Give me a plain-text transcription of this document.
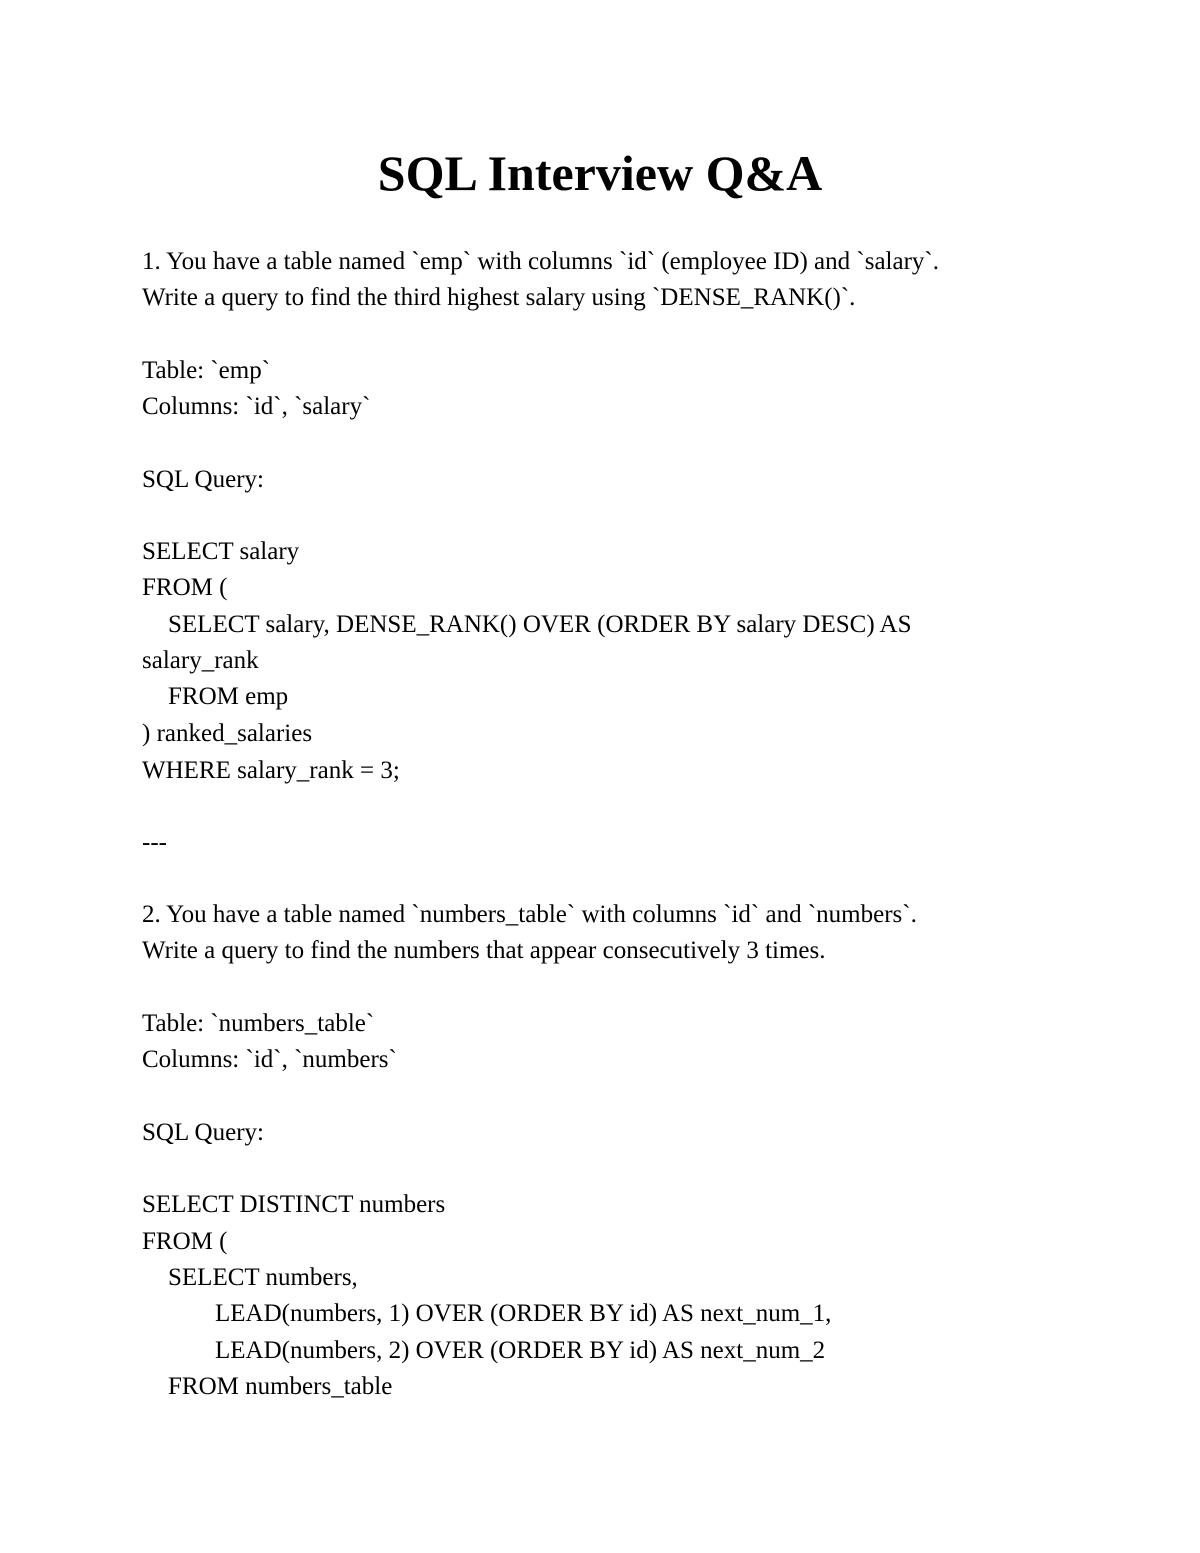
SQL Interview Q&A
1. You have a table named `emp` with columns `id` (employee ID) and `salary`.
Write a query to find the third highest salary using `DENSE_RANK()`.
Table: `emp`
Columns: `id`, `salary`
SQL Query:
SELECT salary
FROM (
SELECT salary, DENSE_RANK() OVER (ORDER BY salary DESC) AS
salary_rank
FROM emp
) ranked_salaries
WHERE salary_rank = 3;
---
2. You have a table named `numbers_table` with columns `id` and `numbers`.
Write a query to find the numbers that appear consecutively 3 times.
Table: `numbers_table`
Columns: `id`, `numbers`
SQL Query:
SELECT DISTINCT numbers
FROM (
SELECT numbers,
LEAD(numbers, 1) OVER (ORDER BY id) AS next_num_1,
LEAD(numbers, 2) OVER (ORDER BY id) AS next_num_2
FROM numbers_table
